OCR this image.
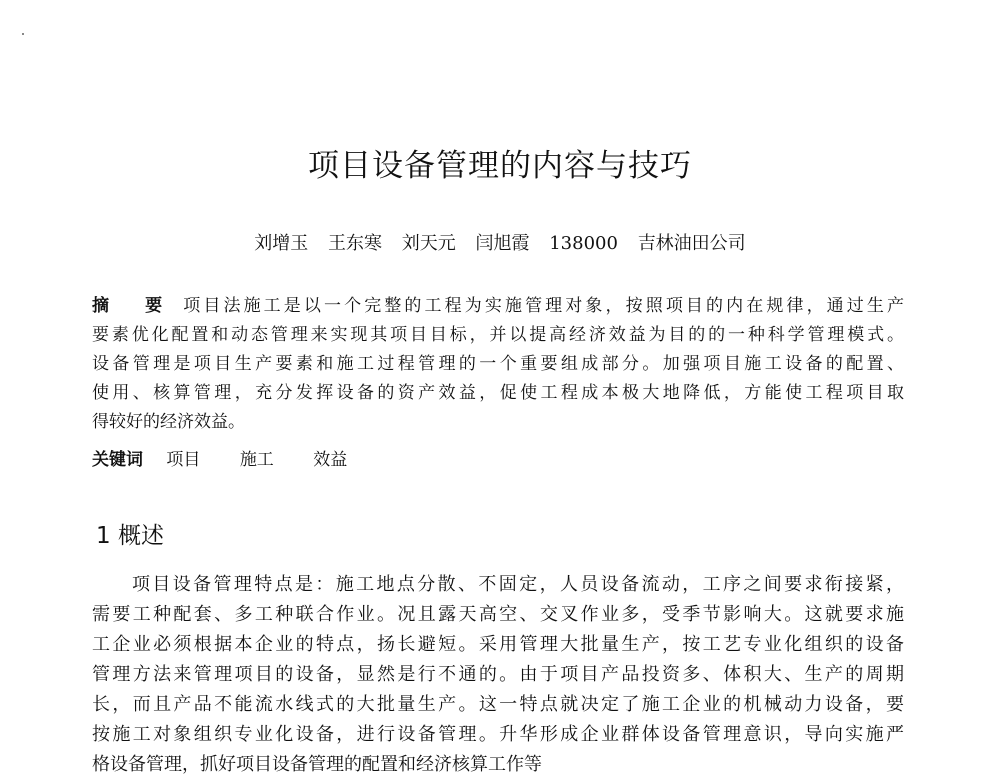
项目设备管理的内容与技巧
刘增玉 王东寒 刘天元 闫旭霞 138000 吉林油田公司
摘 要 项目法施工是以一个完整的工程为实施管理对象，按照项目的内在规律，通过生产
要素优化配置和动态管理来实现其项目目标，并以提高经济效益为目的的一种科学管理模式。
设备管理是项目生产要素和施工过程管理的一个重要组成部分。加强项目施工设备的配置、
使用、核算管理，充分发挥设备的资产效益，促使工程成本极大地降低，方能使工程项目取
得较好的经济效益。
关键词 项目 施工 效益
1 概述
项目设备管理特点是：施工地点分散、不固定，人员设备流动，工序之间要求衔接紧，
需要工种配套、多工种联合作业。况且露天高空、交叉作业多，受季节影响大。这就要求施
工企业必须根据本企业的特点，扬长避短。采用管理大批量生产，按工艺专业化组织的设备
管理方法来管理项目的设备，显然是行不通的。由于项目产品投资多、体积大、生产的周期
长，而且产品不能流水线式的大批量生产。这一特点就决定了施工企业的机械动力设备，要
按施工对象组织专业化设备，进行设备管理。升华形成企业群体设备管理意识，导向实施严
格设备管理，抓好项目设备管理的配置和经济核算工作等
